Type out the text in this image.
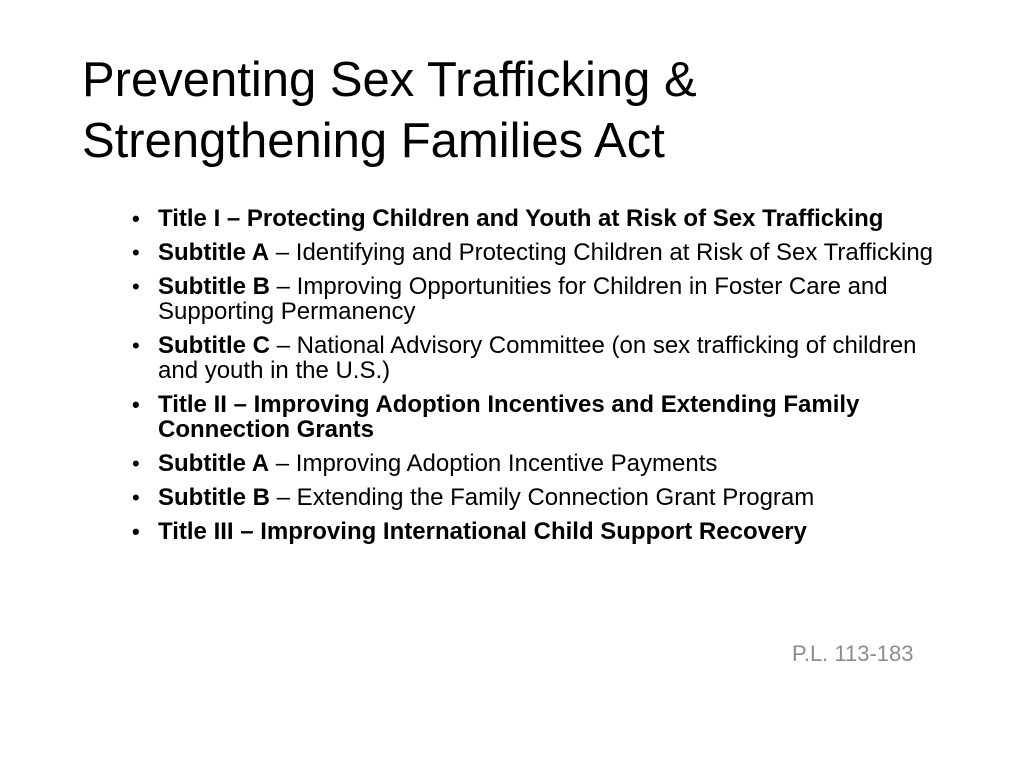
Preventing Sex Trafficking &
Strengthening Families Act
• Title I – Protecting Children and Youth at Risk of Sex Trafficking
• Subtitle A – Identifying and Protecting Children at Risk of Sex Trafficking
• Subtitle B – Improving Opportunities for Children in Foster Care and Supporting Permanency
• Subtitle C – National Advisory Committee (on sex trafficking of children and youth in the U.S.)
• Title II – Improving Adoption Incentives and Extending Family Connection Grants
• Subtitle A – Improving Adoption Incentive Payments
• Subtitle B – Extending the Family Connection Grant Program
• Title III – Improving International Child Support Recovery
P.L. 113-183
